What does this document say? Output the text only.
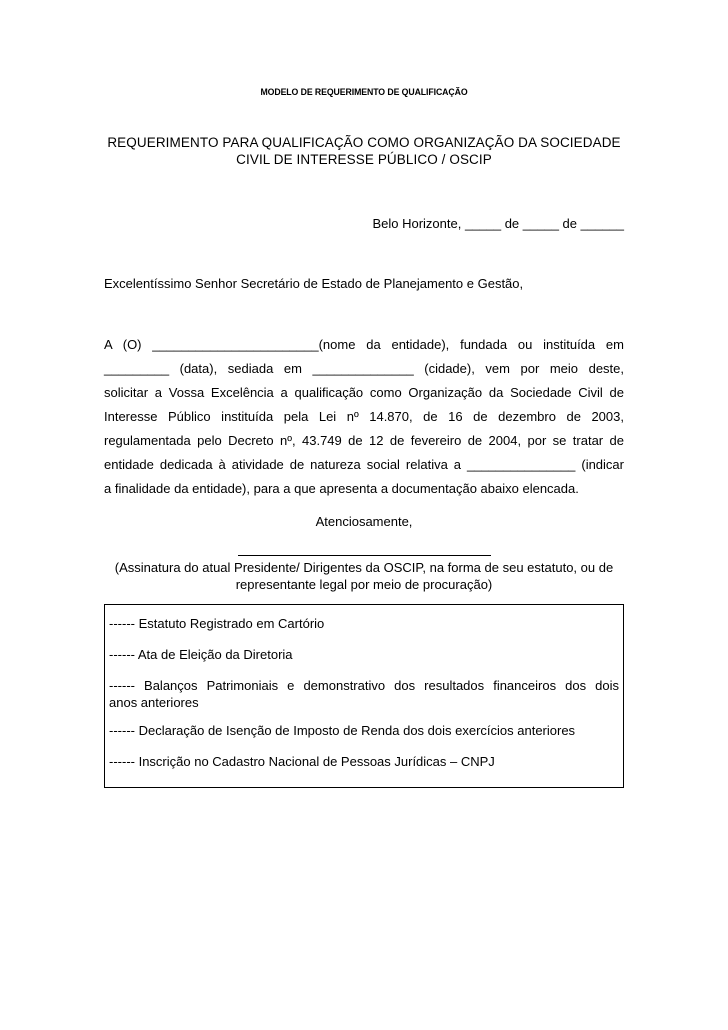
MODELO DE REQUERIMENTO DE QUALIFICAÇÃO
REQUERIMENTO PARA QUALIFICAÇÃO COMO ORGANIZAÇÃO DA SOCIEDADE
CIVIL DE INTERESSE PÚBLICO / OSCIP
Belo Horizonte, _____ de _____ de ______
Excelentíssimo Senhor Secretário de Estado de Planejamento e Gestão,
A (O) _______________________(nome da entidade), fundada ou instituída em
_________ (data), sediada em ______________ (cidade), vem por meio deste,
solicitar a Vossa Excelência a qualificação como Organização da Sociedade Civil de
Interesse Público instituída pela Lei nº 14.870, de 16 de dezembro de 2003,
regulamentada pelo Decreto nº, 43.749 de 12 de fevereiro de 2004, por se tratar de
entidade dedicada à atividade de natureza social relativa a _______________ (indicar
a finalidade da entidade), para a que apresenta a documentação abaixo elencada.
Atenciosamente,
(Assinatura do atual Presidente/ Dirigentes da OSCIP, na forma de seu estatuto, ou de
representante legal por meio de procuração)
------ Estatuto Registrado em Cartório
------ Ata de Eleição da Diretoria
------ Balanços Patrimoniais e demonstrativo dos resultados financeiros dos dois
anos anteriores
------ Declaração de Isenção de Imposto de Renda dos dois exercícios anteriores
------ Inscrição no Cadastro Nacional de Pessoas Jurídicas – CNPJ
